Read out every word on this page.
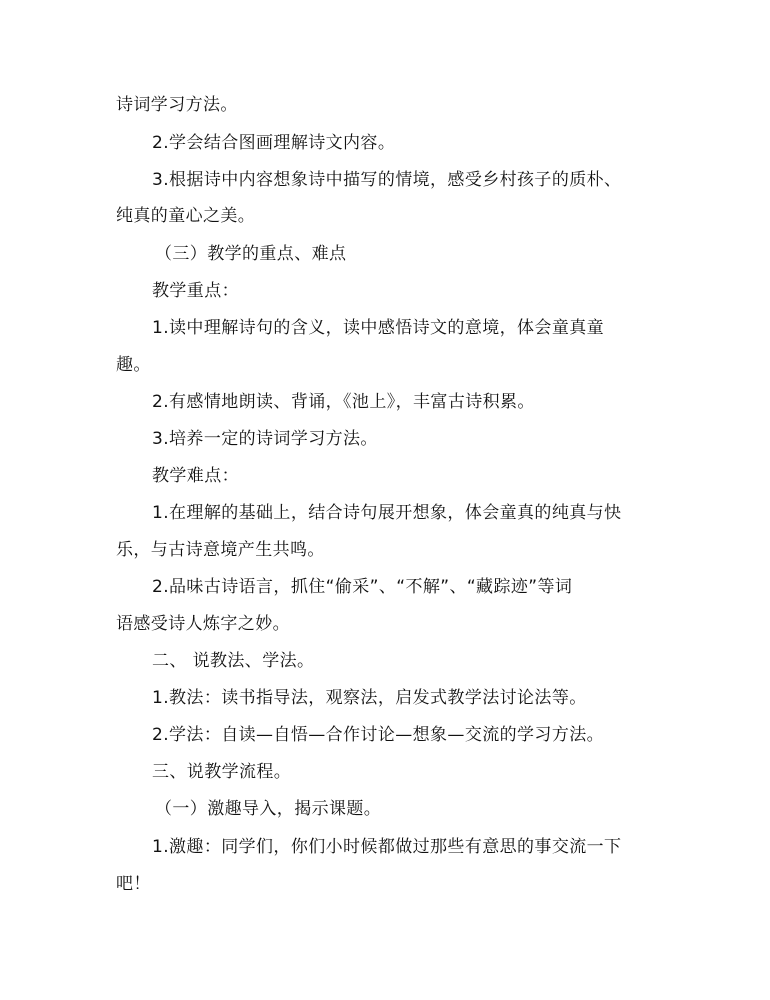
诗词学习方法。
2.学会结合图画理解诗文内容。
3.根据诗中内容想象诗中描写的情境，感受乡村孩子的质朴、
纯真的童心之美。
（三）教学的重点、难点
教学重点：
1.读中理解诗句的含义，读中感悟诗文的意境，体会童真童
趣。
2.有感情地朗读、背诵，《池上》，丰富古诗积累。
3.培养一定的诗词学习方法。
教学难点：
1.在理解的基础上，结合诗句展开想象，体会童真的纯真与快
乐，与古诗意境产生共鸣。
2.品味古诗语言，抓住“偷采”、“不解”、“藏踪迹”等词
语感受诗人炼字之妙。
二、 说教法、学法。
1.教法：读书指导法，观察法，启发式教学法讨论法等。
2.学法：自读—自悟—合作讨论—想象—交流的学习方法。
三、说教学流程。
（一）激趣导入，揭示课题。
1.激趣：同学们，你们小时候都做过那些有意思的事交流一下
吧！
